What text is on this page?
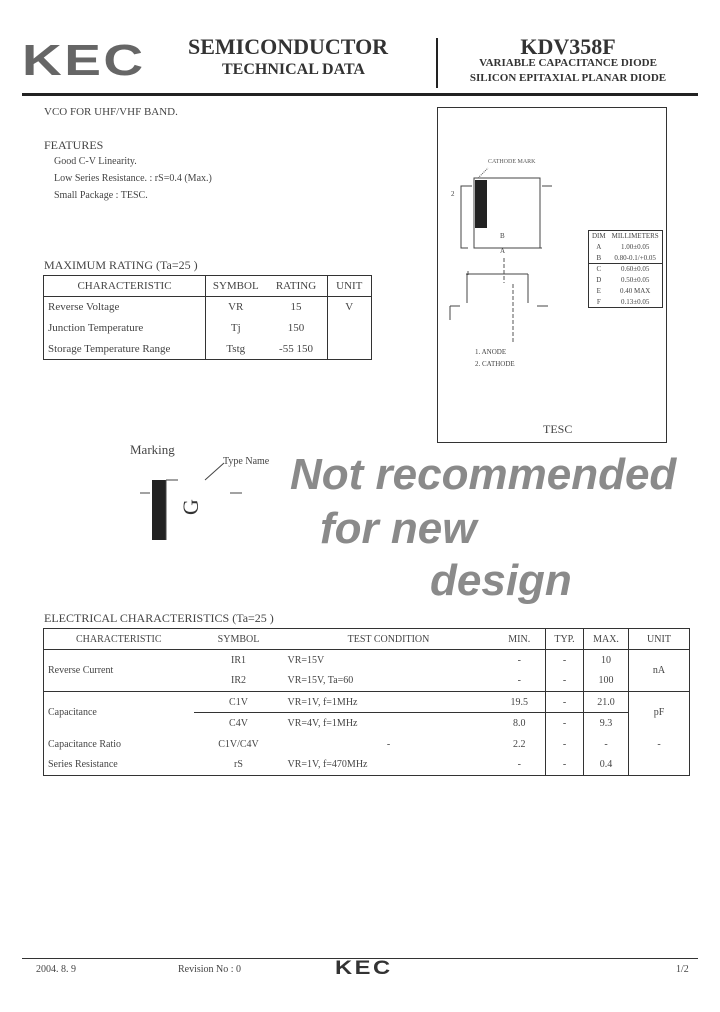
KEC SEMICONDUCTOR
TECHNICAL DATA
KDV358F
VARIABLE CAPACITANCE DIODE
SILICON EPITAXIAL PLANAR DIODE
VCO FOR UHF/VHF BAND.
FEATURES
Good C-V Linearity.
Low Series Resistance. : rS=0.4 (Max.)
Small Package : TESC.
MAXIMUM RATING (Ta=25 )
CHARACTERISTIC	SYMBOL	RATING	UNIT
Reverse Voltage	VR	15	V
Junction Temperature	Tj	150	
Storage Temperature Range	Tstg	-55 150	
CATHODE MARK
2
B
A
DIM	MILLIMETERS
A	1.00±0.05
B	0.80-0.1/+0.05
C	0.60±0.05
D	0.50±0.05
E	0.40 MAX
F	0.13±0.05
1. ANODE
2. CATHODE
TESC
Marking
Type Name
G
Not recommended
for new
design
ELECTRICAL CHARACTERISTICS (Ta=25 )
CHARACTERISTIC	SYMBOL	TEST CONDITION	MIN.	TYP.	MAX.	UNIT
Reverse Current	IR1	VR=15V	-	-	10	nA
	IR2	VR=15V, Ta=60	-	-	100	
Capacitance	C1V	VR=1V, f=1MHz	19.5	-	21.0	pF
	C4V	VR=4V, f=1MHz	8.0	-	9.3	
Capacitance Ratio	C1V/C4V	-	2.2	-	-	-
Series Resistance	rS	VR=1V, f=470MHz	-	-	0.4	
2004. 8. 9	Revision No : 0	KEC	1/2
